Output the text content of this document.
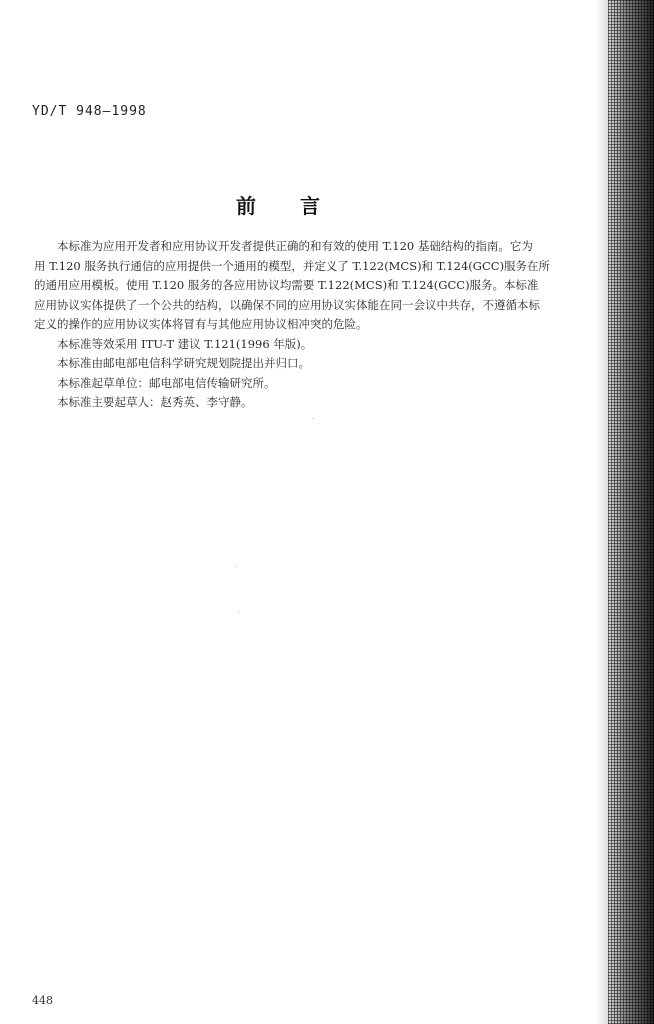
YD/T 948—1998
前言
本标准为应用开发者和应用协议开发者提供正确的和有效的使用 T.120 基础结构的指南。它为
用 T.120 服务执行通信的应用提供一个通用的模型，并定义了 T.122(MCS)和 T.124(GCC)服务在所
的通用应用模板。使用 T.120 服务的各应用协议均需要 T.122(MCS)和 T.124(GCC)服务。本标准
应用协议实体提供了一个公共的结构，以确保不同的应用协议实体能在同一会议中共存，不遵循本标
定义的操作的应用协议实体将冒有与其他应用协议相冲突的危险。

本标准等效采用 ITU-T 建议 T.121(1996 年版)。

本标准由邮电部电信科学研究规划院提出并归口。

本标准起草单位：邮电部电信传输研究所。

本标准主要起草人：赵秀英、李守静。

448
